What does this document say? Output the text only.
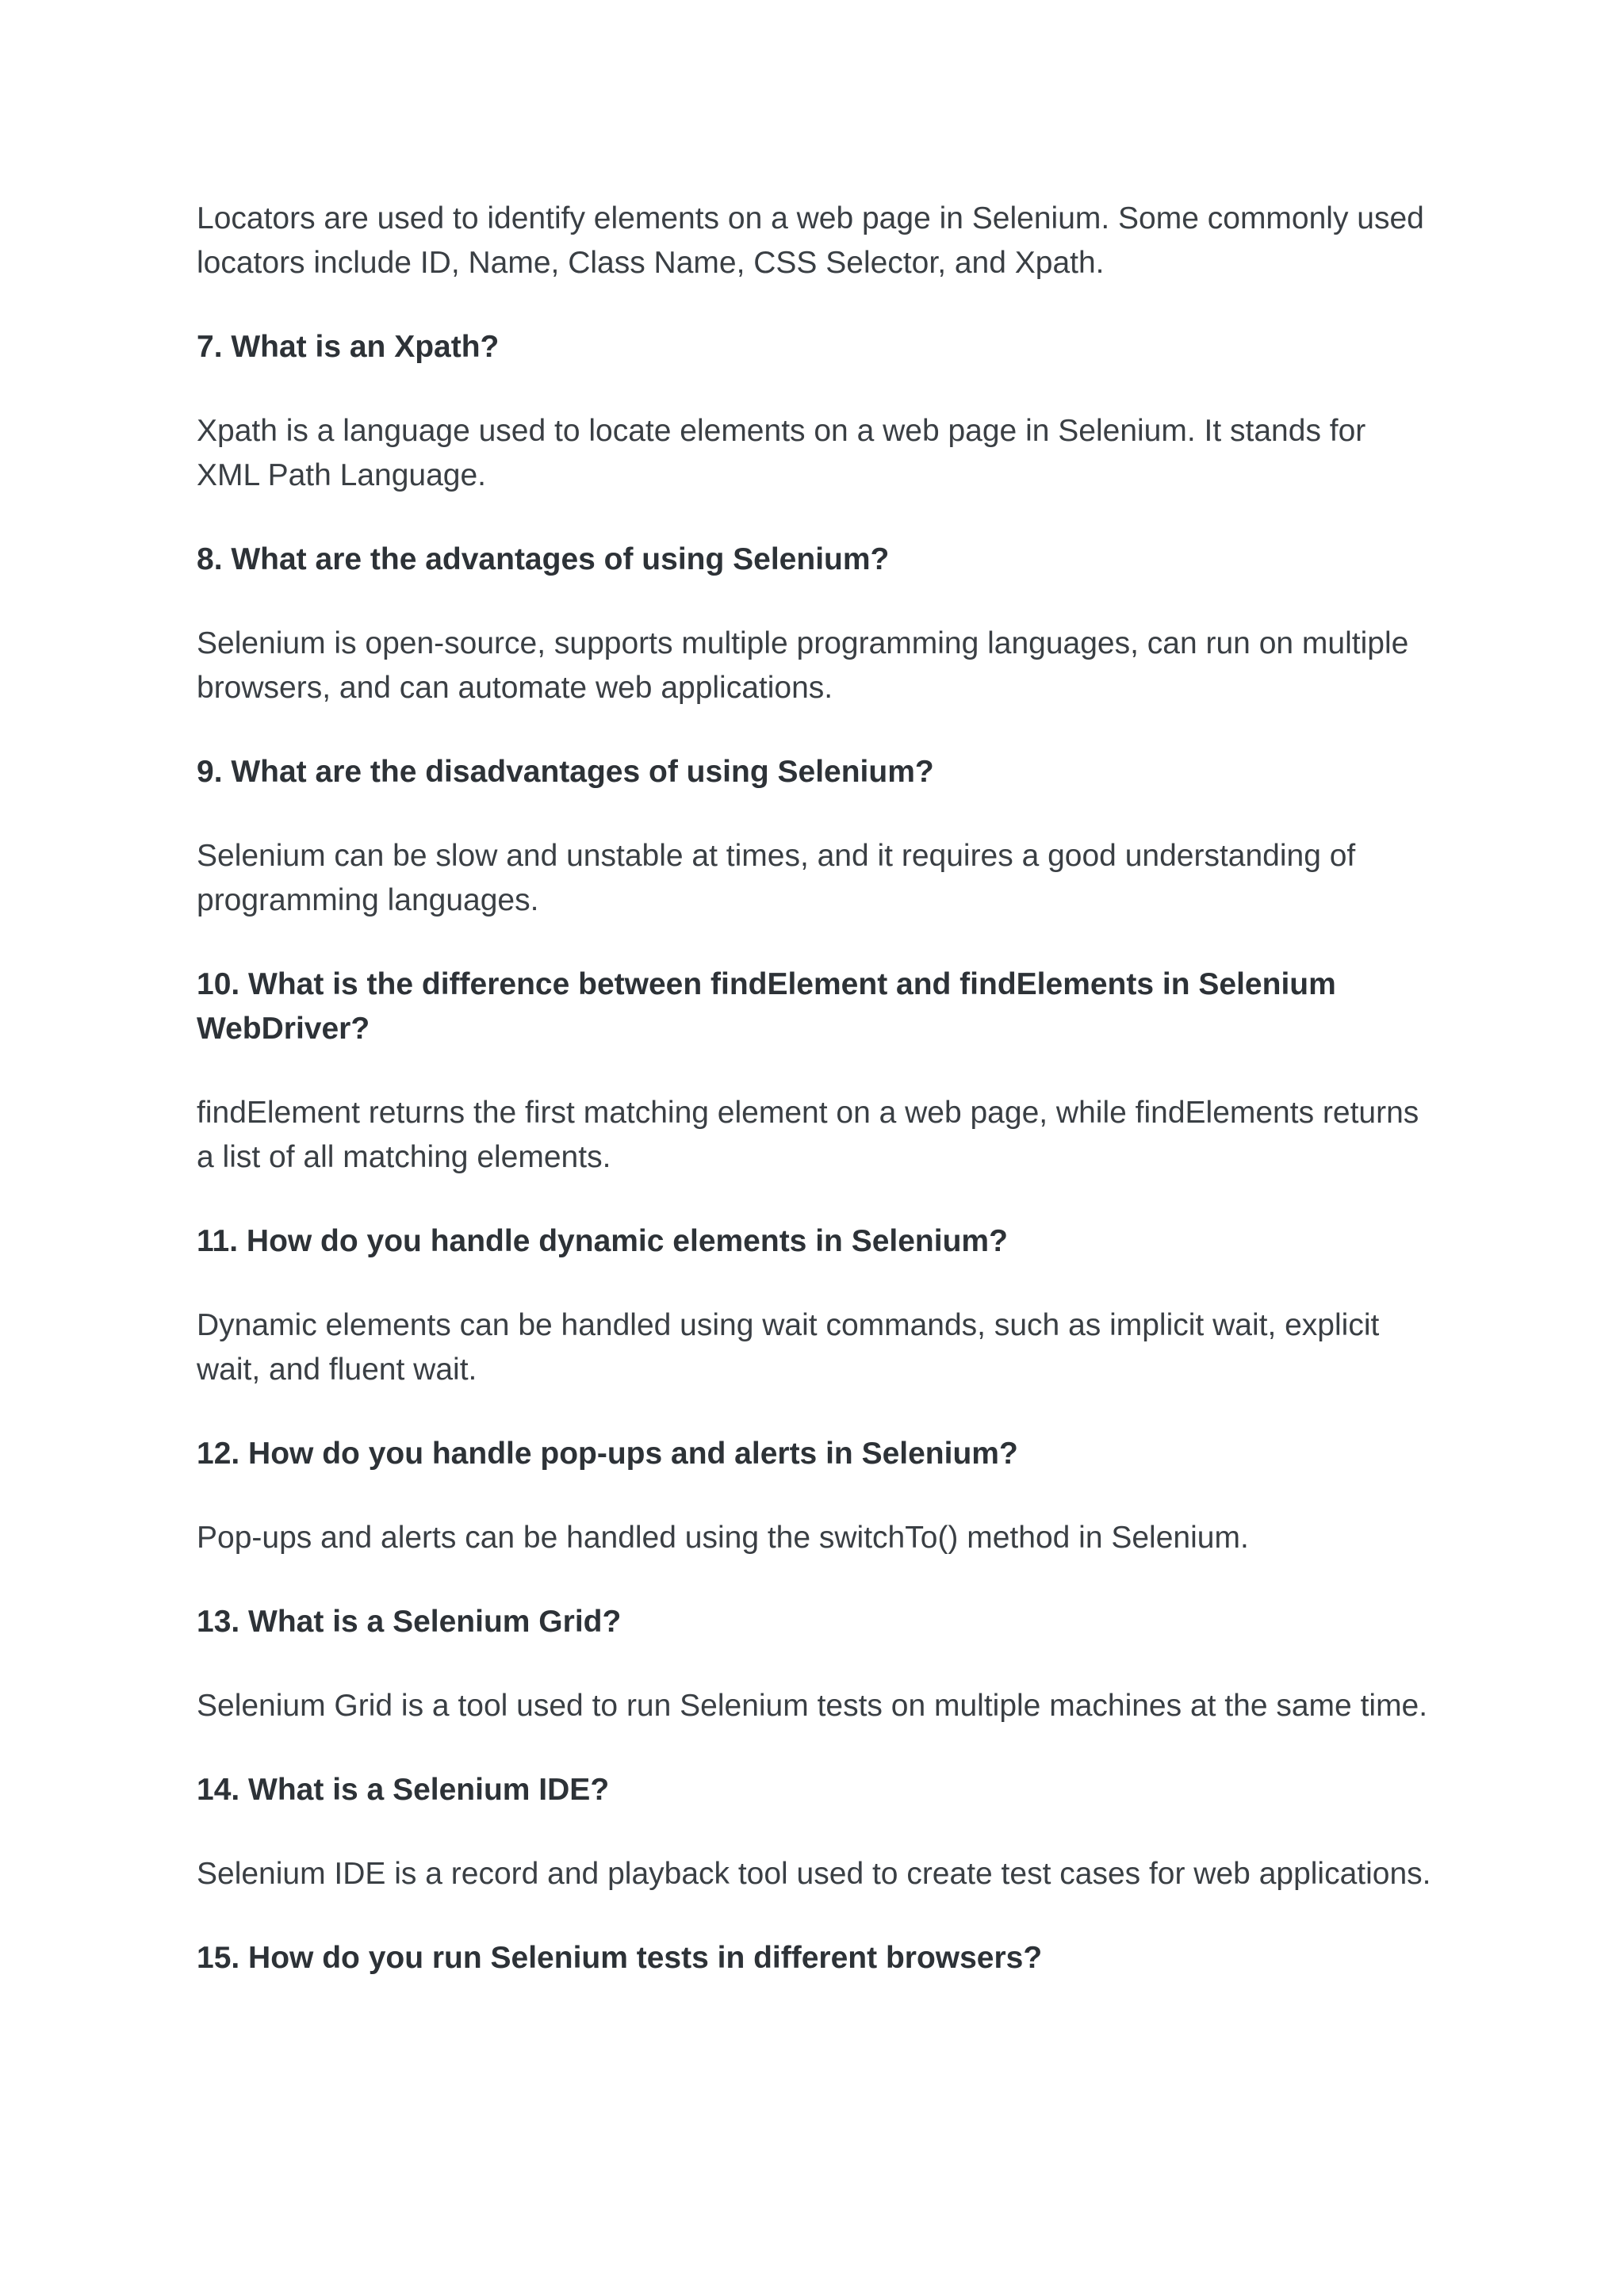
Locators are used to identify elements on a web page in Selenium. Some commonly used locators include ID, Name, Class Name, CSS Selector, and Xpath.

7. What is an Xpath?

Xpath is a language used to locate elements on a web page in Selenium. It stands for XML Path Language.

8. What are the advantages of using Selenium?

Selenium is open-source, supports multiple programming languages, can run on multiple browsers, and can automate web applications.

9. What are the disadvantages of using Selenium?

Selenium can be slow and unstable at times, and it requires a good understanding of programming languages.

10. What is the difference between findElement and findElements in Selenium WebDriver?

findElement returns the first matching element on a web page, while findElements returns a list of all matching elements.

11. How do you handle dynamic elements in Selenium?

Dynamic elements can be handled using wait commands, such as implicit wait, explicit wait, and fluent wait.

12. How do you handle pop-ups and alerts in Selenium?

Pop-ups and alerts can be handled using the switchTo() method in Selenium.

13. What is a Selenium Grid?

Selenium Grid is a tool used to run Selenium tests on multiple machines at the same time.

14. What is a Selenium IDE?

Selenium IDE is a record and playback tool used to create test cases for web applications.

15. How do you run Selenium tests in different browsers?
